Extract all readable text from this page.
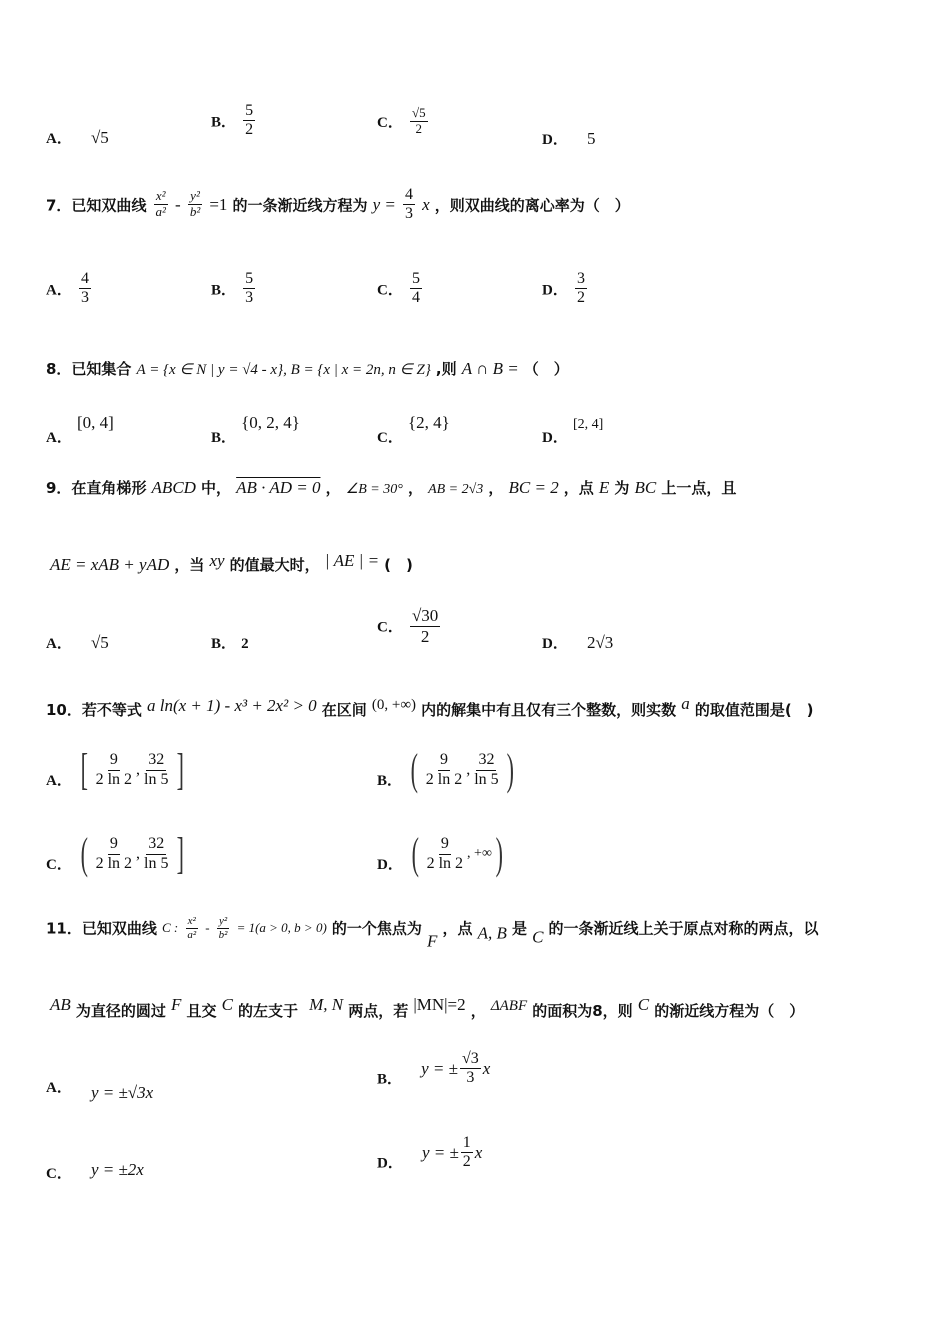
A． √5
B． $\frac{5}{2}$	C． $\frac{√5}{2}$
D． 5
7．已知双曲线 $\frac{\text{x²}}{\text{a²}} - \frac{\text{y²}}{\text{b²}} =1$ 的一条渐近线方程为 $y = \frac{4}{3}$ x ，则双曲线的离心率为（　）
A． $\frac{4}{3}$	B． $\frac{5}{3}$	C． $\frac{5}{4}$	D． $\frac{3}{2}$
8．已知集合 A = {x ∈ N | y = √4 - x}, B = {x | x = 2n, n ∈ Z} ,则 A ∩ B = （　）
A． [0, 4]
B． {0, 2, 4}
C． {2, 4}
D． [2, 4]
9．在直角梯形 ABCD 中， AB · AD = 0 ， ∠B = 30° ， AB = 2√3 ， BC = 2 ，点 E 为 BC 上一点，且
AE = xAB + yAD ，当 xy 的值最大时， | AE | = (　)
A． √5	B． 2
C． $\frac{√30}{2}$	D． 2√3
10．若不等式 a ln(x + 1) - x³ + 2x² > 0 在区间 (0, +∞) 内的解集中有且仅有三个整数，则实数 a 的取值范围是(　)
A． [ $\frac{9}{2 \ln 2}$ , $\frac{32}{\ln 5}$ ]	B． ( $\frac{9}{2 \ln 2}$ , $\frac{32}{\ln 5}$ )
C． ( $\frac{9}{2 \ln 2}$ , $\frac{32}{\ln 5}$ ]	D． ( $\frac{9}{2 \ln 2}$ , +∞ )
11．已知双曲线 C : $\frac{\text{x²}}{\text{a²}} - \frac{\text{y²}}{\text{b²}} = 1(a > 0$, b > 0) 的一个焦点为 F ，点 A, B 是 C 的一条渐近线上关于原点对称的两点，以
AB 为直径的圆过 F 且交 C 的左支于 M, N 两点，若 |MN|=2 ， ΔABF 的面积为8，则 C 的渐近线方程为（　）
A． y = ±√3x
B． y = ± $\frac{√3}{3}$ x
C． y = ±2x	D． y = ± $\frac{1}{2}$ x
